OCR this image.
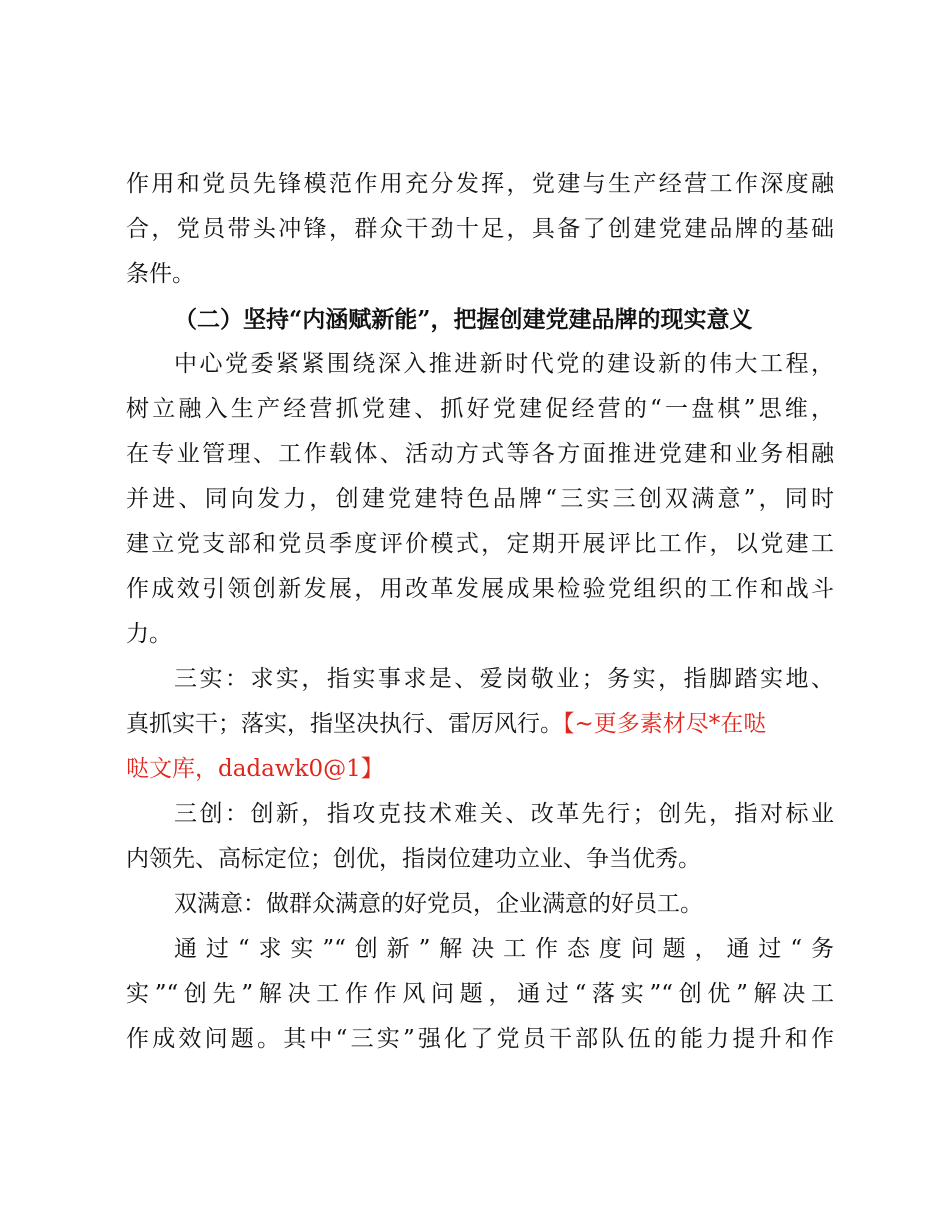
作用和党员先锋模范作用充分发挥，党建与生产经营工作深度融
合，党员带头冲锋，群众干劲十足，具备了创建党建品牌的基础
条件。
（二）坚持“内涵赋新能”，把握创建党建品牌的现实意义
中心党委紧紧围绕深入推进新时代党的建设新的伟大工程，
树立融入生产经营抓党建、抓好党建促经营的“一盘棋”思维，
在专业管理、工作载体、活动方式等各方面推进党建和业务相融
并进、同向发力，创建党建特色品牌“三实三创双满意”，同时
建立党支部和党员季度评价模式，定期开展评比工作，以党建工
作成效引领创新发展，用改革发展成果检验党组织的工作和战斗
力。
三实：求实，指实事求是、爱岗敬业；务实，指脚踏实地、
真抓实干；落实，指坚决执行、雷厉风行。【~更多素材尽*在哒
哒文库，dadawk0@1】
三创：创新，指攻克技术难关、改革先行；创先，指对标业
内领先、高标定位；创优，指岗位建功立业、争当优秀。
双满意：做群众满意的好党员，企业满意的好员工。
通过“求实”“创新”解决工作态度问题，通过“务
实”“创先”解决工作作风问题，通过“落实”“创优”解决工
作成效问题。其中“三实”强化了党员干部队伍的能力提升和作
